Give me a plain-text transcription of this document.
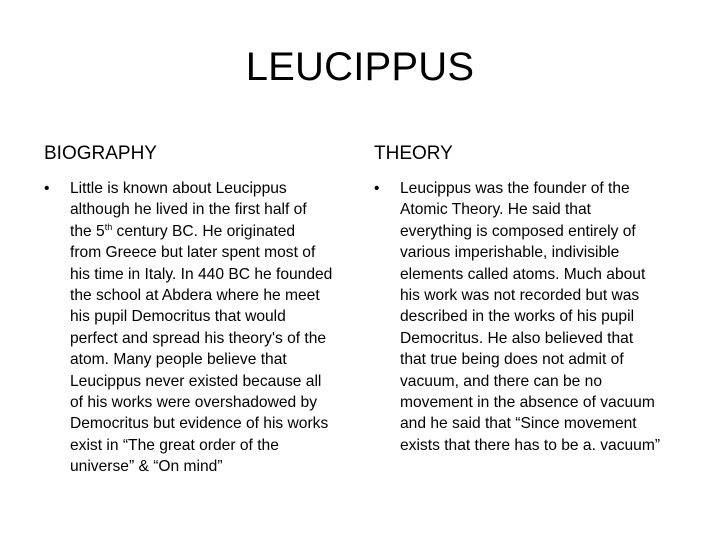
LEUCIPPUS
BIOGRAPHY	THEORY
•	Little is known about Leucippus
although he lived in the first half of
the 5th century BC. He originated
from Greece but later spent most of
his time in Italy. In 440 BC he founded
the school at Abdera where he meet
his pupil Democritus that would
perfect and spread his theory's of the
atom. Many people believe that
Leucippus never existed because all
of his works were overshadowed by
Democritus but evidence of his works
exist in “The great order of the
universe” & “On mind”
•	Leucippus was the founder of the
Atomic Theory. He said that
everything is composed entirely of
various imperishable, indivisible
elements called atoms. Much about
his work was not recorded but was
described in the works of his pupil
Democritus. He also believed that
that true being does not admit of
vacuum, and there can be no
movement in the absence of vacuum
and he said that “Since movement
exists that there has to be a. vacuum”
